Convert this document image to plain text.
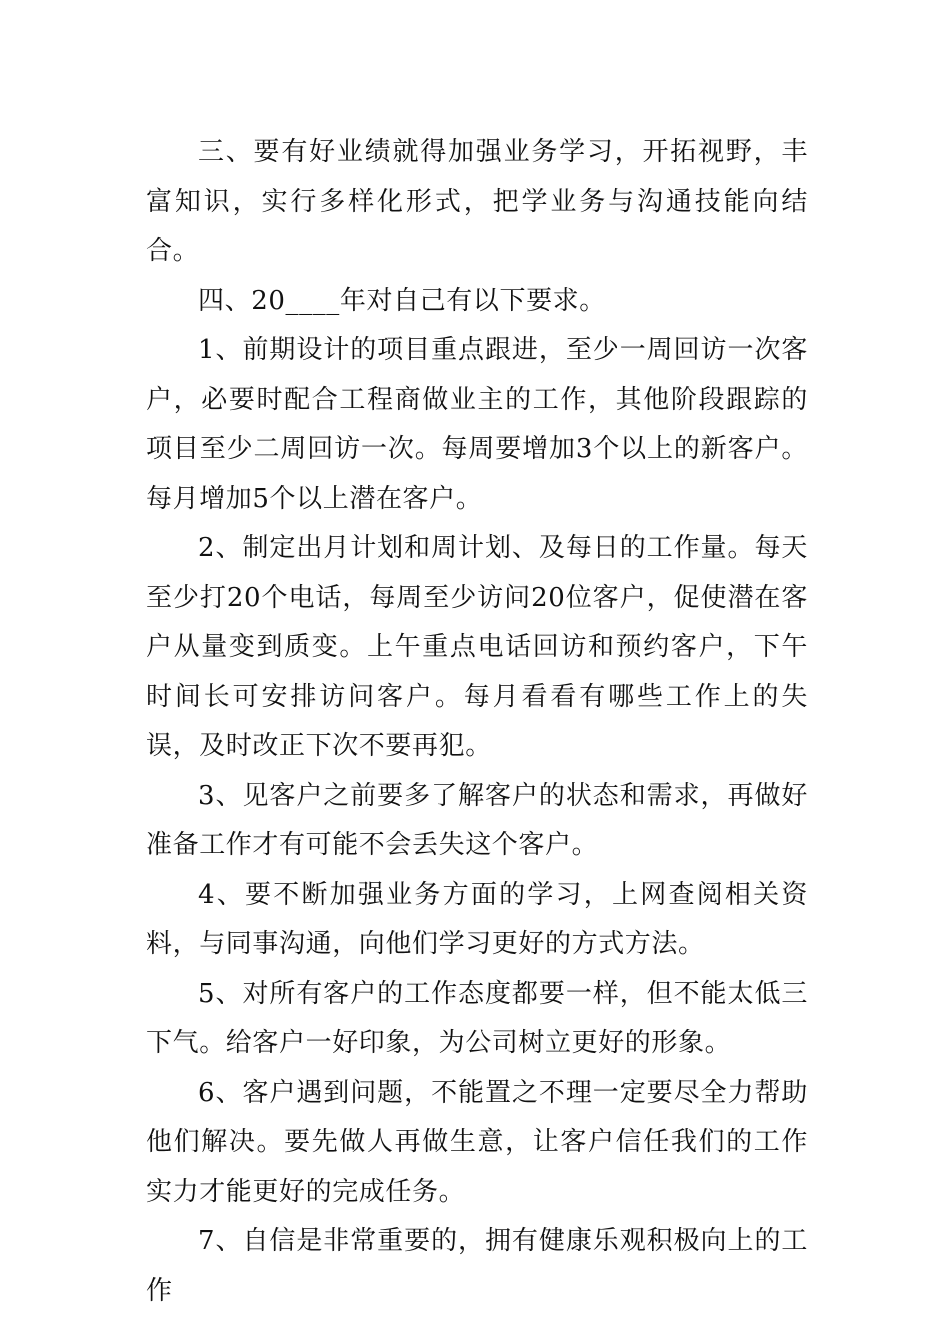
三、要有好业绩就得加强业务学习，开拓视野，丰富知识，实行多样化形式，把学业务与沟通技能向结合。

四、20____年对自己有以下要求。

1、前期设计的项目重点跟进，至少一周回访一次客户，必要时配合工程商做业主的工作，其他阶段跟踪的项目至少二周回访一次。每周要增加3个以上的新客户。每月增加5个以上潜在客户。

2、制定出月计划和周计划、及每日的工作量。每天至少打20个电话，每周至少访问20位客户，促使潜在客户从量变到质变。上午重点电话回访和预约客户，下午时间长可安排访问客户。每月看看有哪些工作上的失误，及时改正下次不要再犯。

3、见客户之前要多了解客户的状态和需求，再做好准备工作才有可能不会丢失这个客户。

4、要不断加强业务方面的学习，上网查阅相关资料，与同事沟通，向他们学习更好的方式方法。

5、对所有客户的工作态度都要一样，但不能太低三下气。给客户一好印象，为公司树立更好的形象。

6、客户遇到问题，不能置之不理一定要尽全力帮助他们解决。要先做人再做生意，让客户信任我们的工作实力才能更好的完成任务。

7、自信是非常重要的，拥有健康乐观积极向上的工作
